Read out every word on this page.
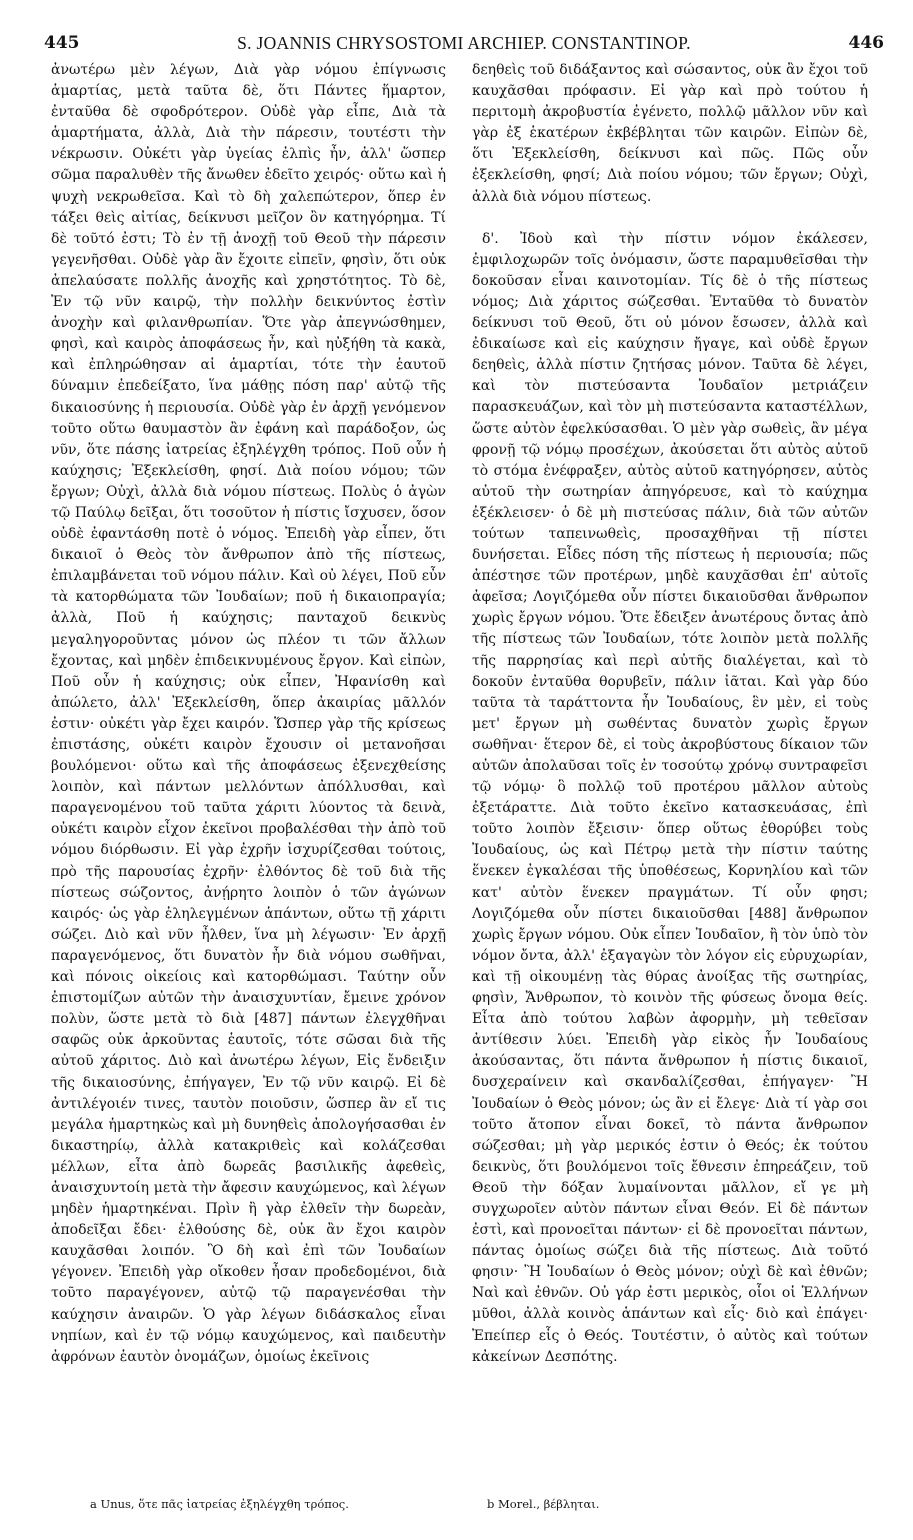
445	S. JOANNIS CHRYSOSTOMI ARCHIEP. CONSTANTINOP.	446

ἀνωτέρω μὲν λέγων, Διὰ γὰρ νόμου ἐπίγνωσις ἁμαρτίας, μετὰ ταῦτα δὲ, ὅτι Πάντες ἥμαρτον, ἐνταῦθα δὲ σφοδρότερον. Οὐδὲ γὰρ εἶπε, Διὰ τὰ ἁμαρτήματα, ἀλλὰ, Διὰ τὴν πάρεσιν, τουτέστι τὴν νέκρωσιν. Οὐκέτι γὰρ ὑγείας ἐλπὶς ἦν, ἀλλ' ὥσπερ σῶμα παραλυθὲν τῆς ἄνωθεν ἐδεῖτο χειρός· οὕτω καὶ ἡ ψυχὴ νεκρωθεῖσα. Καὶ τὸ δὴ χαλεπώτερον, ὅπερ ἐν τάξει θεὶς αἰτίας, δείκνυσι μεῖζον ὂν κατηγόρημα. Τί δὲ τοῦτό ἐστι; Τὸ ἐν τῇ ἀνοχῇ τοῦ Θεοῦ τὴν πάρεσιν γεγενῆσθαι. Οὐδὲ γὰρ ἂν ἔχοιτε εἰπεῖν, φησὶν, ὅτι οὐκ ἀπελαύσατε πολλῆς ἀνοχῆς καὶ χρηστότητος. Τὸ δὲ, Ἐν τῷ νῦν καιρῷ, τὴν πολλὴν δεικνύντος ἐστὶν ἀνοχὴν καὶ φιλανθρωπίαν. Ὅτε γὰρ ἀπεγνώσθημεν, φησὶ, καὶ καιρὸς ἀποφάσεως ἦν, καὶ ηὐξήθη τὰ κακὰ, καὶ ἐπληρώθησαν αἱ ἁμαρτίαι, τότε τὴν ἑαυτοῦ δύναμιν ἐπεδείξατο, ἵνα μάθῃς πόση παρ' αὐτῷ τῆς δικαιοσύνης ἡ περιουσία. Οὐδὲ γὰρ ἐν ἀρχῇ γενόμενον τοῦτο οὕτω θαυμαστὸν ἂν ἐφάνη καὶ παράδοξον, ὡς νῦν, ὅτε πάσης ἰατρείας ἐξηλέγχθη τρόπος. Ποῦ οὖν ἡ καύχησις; Ἐξεκλείσθη, φησί. Διὰ ποίου νόμου; τῶν ἔργων; Οὐχὶ, ἀλλὰ διὰ νόμου πίστεως. Πολὺς ὁ ἀγὼν τῷ Παύλῳ δεῖξαι, ὅτι τοσοῦτον ἡ πίστις ἴσχυσεν, ὅσον οὐδὲ ἐφαντάσθη ποτὲ ὁ νόμος. Ἐπειδὴ γὰρ εἶπεν, ὅτι δικαιοῖ ὁ Θεὸς τὸν ἄνθρωπον ἀπὸ τῆς πίστεως, ἐπιλαμβάνεται τοῦ νόμου πάλιν. Καὶ οὐ λέγει, Ποῦ εὖν τὰ κατορθώματα τῶν Ἰουδαίων; ποῦ ἡ δικαιοπραγία; ἀλλὰ, Ποῦ ἡ καύχησις; πανταχοῦ δεικνὺς μεγαληγοροῦντας μόνον ὡς πλέον τι τῶν ἄλλων ἔχοντας, καὶ μηδὲν ἐπιδεικνυμένους ἔργον. Καὶ εἰπὼν, Ποῦ οὖν ἡ καύχησις; οὐκ εἶπεν, Ἠφανίσθη καὶ ἀπώλετο, ἀλλ' Ἐξεκλείσθη, ὅπερ ἀκαιρίας μᾶλλόν ἐστιν· οὐκέτι γὰρ ἔχει καιρόν. Ὥσπερ γὰρ τῆς κρίσεως ἐπιστάσης, οὐκέτι καιρὸν ἔχουσιν οἱ μετανοῆσαι βουλόμενοι· οὕτω καὶ τῆς ἀποφάσεως ἐξενεχθείσης λοιπὸν, καὶ πάντων μελλόντων ἀπόλλυσθαι, καὶ παραγενομένου τοῦ ταῦτα χάριτι λύοντος τὰ δεινὰ, οὐκέτι καιρὸν εἶχον ἐκεῖνοι προβαλέσθαι τὴν ἀπὸ τοῦ νόμου διόρθωσιν. Εἰ γὰρ ἐχρῆν ἰσχυρίζεσθαι τούτοις, πρὸ τῆς παρουσίας ἐχρῆν· ἐλθόντος δὲ τοῦ διὰ τῆς πίστεως σώζοντος, ἀνῄρητο λοιπὸν ὁ τῶν ἀγώνων καιρός· ὡς γὰρ ἐληλεγμένων ἁπάντων, οὕτω τῇ χάριτι σώζει. Διὸ καὶ νῦν ἦλθεν, ἵνα μὴ λέγωσιν· Ἐν ἀρχῇ παραγενόμενος, ὅτι δυνατὸν ἦν διὰ νόμου σωθῆναι, καὶ πόνοις οἰκείοις καὶ κατορθώμασι. Ταύτην οὖν ἐπιστομίζων αὐτῶν τὴν ἀναισχυντίαν, ἔμεινε χρόνον πολὺν, ὥστε μετὰ τὸ διὰ [487] πάντων ἐλεγχθῆναι σαφῶς οὐκ ἀρκοῦντας ἑαυτοῖς, τότε σῶσαι διὰ τῆς αὐτοῦ χάριτος. Διὸ καὶ ἀνωτέρω λέγων, Εἰς ἔνδειξιν τῆς δικαιοσύνης, ἐπήγαγεν, Ἐν τῷ νῦν καιρῷ. Εἰ δὲ ἀντιλέγοιέν τινες, ταυτὸν ποιοῦσιν, ὥσπερ ἂν εἴ τις μεγάλα ἡμαρτηκὼς καὶ μὴ δυνηθεὶς ἀπολογήσασθαι ἐν δικαστηρίῳ, ἀλλὰ κατακριθεὶς καὶ κολάζεσθαι μέλλων, εἶτα ἀπὸ δωρεᾶς βασιλικῆς ἀφεθεὶς, ἀναισχυντοίη μετὰ τὴν ἄφεσιν καυχώμενος, καὶ λέγων μηδὲν ἡμαρτηκέναι. Πρὶν ἢ γὰρ ἐλθεῖν τὴν δωρεὰν, ἀποδεῖξαι ἔδει· ἐλθούσης δὲ, οὐκ ἂν ἔχοι καιρὸν καυχᾶσθαι λοιπόν. Ὃ δὴ καὶ ἐπὶ τῶν Ἰουδαίων γέγονεν. Ἐπειδὴ γὰρ οἴκοθεν ἦσαν προδεδομένοι, διὰ τοῦτο παραγέγονεν, αὐτῷ τῷ παραγενέσθαι τὴν καύχησιν ἀναιρῶν. Ὁ γὰρ λέγων διδάσκαλος εἶναι νηπίων, καὶ ἐν τῷ νόμῳ καυχώμενος, καὶ παιδευτὴν ἀφρόνων ἑαυτὸν ὀνομάζων, ὁμοίως ἐκεῖνοις

δεηθεὶς τοῦ διδάξαντος καὶ σώσαντος, οὐκ ἂν ἔχοι τοῦ καυχᾶσθαι πρόφασιν. Εἰ γὰρ καὶ πρὸ τούτου ἡ περιτομὴ ἀκροβυστία ἐγένετο, πολλῷ μᾶλλον νῦν καὶ γὰρ ἐξ ἑκατέρων ἐκβέβληται τῶν καιρῶν. Εἰπὼν δὲ, ὅτι Ἐξεκλείσθη, δείκνυσι καὶ πῶς. Πῶς οὖν ἐξεκλείσθη, φησί; Διὰ ποίου νόμου; τῶν ἔργων; Οὐχὶ, ἀλλὰ διὰ νόμου πίστεως.

δ'. Ἰδοὺ καὶ τὴν πίστιν νόμον ἐκάλεσεν, ἐμφιλοχωρῶν τοῖς ὀνόμασιν, ὥστε παραμυθεῖσθαι τὴν δοκοῦσαν εἶναι καινοτομίαν. Τίς δὲ ὁ τῆς πίστεως νόμος; Διὰ χάριτος σώζεσθαι. Ἐνταῦθα τὸ δυνατὸν δείκνυσι τοῦ Θεοῦ, ὅτι οὐ μόνον ἔσωσεν, ἀλλὰ καὶ ἐδικαίωσε καὶ εἰς καύχησιν ἤγαγε, καὶ οὐδὲ ἔργων δεηθεὶς, ἀλλὰ πίστιν ζητήσας μόνον. Ταῦτα δὲ λέγει, καὶ τὸν πιστεύσαντα Ἰουδαῖον μετριάζειν παρασκευάζων, καὶ τὸν μὴ πιστεύσαντα καταστέλλων, ὥστε αὐτὸν ἐφελκύσασθαι. Ὁ μὲν γὰρ σωθεὶς, ἂν μέγα φρονῇ τῷ νόμῳ προσέχων, ἀκούσεται ὅτι αὐτὸς αὐτοῦ τὸ στόμα ἐνέφραξεν, αὐτὸς αὐτοῦ κατηγόρησεν, αὐτὸς αὐτοῦ τὴν σωτηρίαν ἀπηγόρευσε, καὶ τὸ καύχημα ἐξέκλεισεν· ὁ δὲ μὴ πιστεύσας πάλιν, διὰ τῶν αὐτῶν τούτων ταπεινωθεὶς, προσαχθῆναι τῇ πίστει δυνήσεται. Εἶδες πόση τῆς πίστεως ἡ περιουσία; πῶς ἀπέστησε τῶν προτέρων, μηδὲ καυχᾶσθαι ἐπ' αὐτοῖς ἀφεῖσα; Λογιζόμεθα οὖν πίστει δικαιοῦσθαι ἄνθρωπον χωρὶς ἔργων νόμου. Ὅτε ἔδειξεν ἀνωτέρους ὄντας ἀπὸ τῆς πίστεως τῶν Ἰουδαίων, τότε λοιπὸν μετὰ πολλῆς τῆς παρρησίας καὶ περὶ αὐτῆς διαλέγεται, καὶ τὸ δοκοῦν ἐνταῦθα θορυβεῖν, πάλιν ἰᾶται. Καὶ γὰρ δύο ταῦτα τὰ ταράττοντα ἦν Ἰουδαίους, ἓν μὲν, εἰ τοὺς μετ' ἔργων μὴ σωθέντας δυνατὸν χωρὶς ἔργων σωθῆναι· ἕτερον δὲ, εἰ τοὺς ἀκροβύστους δίκαιον τῶν αὐτῶν ἀπολαῦσαι τοῖς ἐν τοσούτῳ χρόνῳ συντραφεῖσι τῷ νόμῳ· ὃ πολλῷ τοῦ προτέρου μᾶλλον αὐτοὺς ἐξετάραττε. Διὰ τοῦτο ἐκεῖνο κατασκευάσας, ἐπὶ τοῦτο λοιπὸν ἔξεισιν· ὅπερ οὕτως ἐθορύβει τοὺς Ἰουδαίους, ὡς καὶ Πέτρῳ μετὰ τὴν πίστιν ταύτης ἕνεκεν ἐγκαλέσαι τῆς ὑποθέσεως, Κορνηλίου καὶ τῶν κατ' αὐτὸν ἕνεκεν πραγμάτων. Τί οὖν φησι; Λογιζόμεθα οὖν πίστει δικαιοῦσθαι [488] ἄνθρωπον χωρὶς ἔργων νόμου. Οὐκ εἶπεν Ἰουδαῖον, ἢ τὸν ὑπὸ τὸν νόμον ὄντα, ἀλλ' ἐξαγαγὼν τὸν λόγον εἰς εὐρυχωρίαν, καὶ τῇ οἰκουμένῃ τὰς θύρας ἀνοίξας τῆς σωτηρίας, φησὶν, Ἄνθρωπον, τὸ κοινὸν τῆς φύσεως ὄνομα θείς. Εἶτα ἀπὸ τούτου λαβὼν ἀφορμὴν, μὴ τεθεῖσαν ἀντίθεσιν λύει. Ἐπειδὴ γὰρ εἰκὸς ἦν Ἰουδαίους ἀκούσαντας, ὅτι πάντα ἄνθρωπον ἡ πίστις δικαιοῖ, δυσχεραίνειν καὶ σκανδαλίζεσθαι, ἐπήγαγεν· Ἢ Ἰουδαίων ὁ Θεὸς μόνον; ὡς ἂν εἰ ἔλεγε· Διὰ τί γὰρ σοι τοῦτο ἄτοπον εἶναι δοκεῖ, τὸ πάντα ἄνθρωπον σώζεσθαι; μὴ γὰρ μερικός ἐστιν ὁ Θεός; ἐκ τούτου δεικνὺς, ὅτι βουλόμενοι τοῖς ἔθνεσιν ἐπηρεάζειν, τοῦ Θεοῦ τὴν δόξαν λυμαίνονται μᾶλλον, εἴ γε μὴ συγχωροῖεν αὐτὸν πάντων εἶναι Θεόν. Εἰ δὲ πάντων ἐστὶ, καὶ προνοεῖται πάντων· εἰ δὲ προνοεῖται πάντων, πάντας ὁμοίως σώζει διὰ τῆς πίστεως. Διὰ τοῦτό φησιν· Ἢ Ἰουδαίων ὁ Θεὸς μόνον; οὐχὶ δὲ καὶ ἐθνῶν; Ναὶ καὶ ἐθνῶν. Οὐ γάρ ἐστι μερικὸς, οἷοι οἱ Ἑλλήνων μῦθοι, ἀλλὰ κοινὸς ἁπάντων καὶ εἷς· διὸ καὶ ἐπάγει· Ἐπείπερ εἷς ὁ Θεός. Τουτέστιν, ὁ αὐτὸς καὶ τούτων κἀκείνων Δεσπότης.

a Unus, ὅτε πᾶς ἰατρείας ἐξηλέγχθη τρόπος.	b Morel., βέβληται.
